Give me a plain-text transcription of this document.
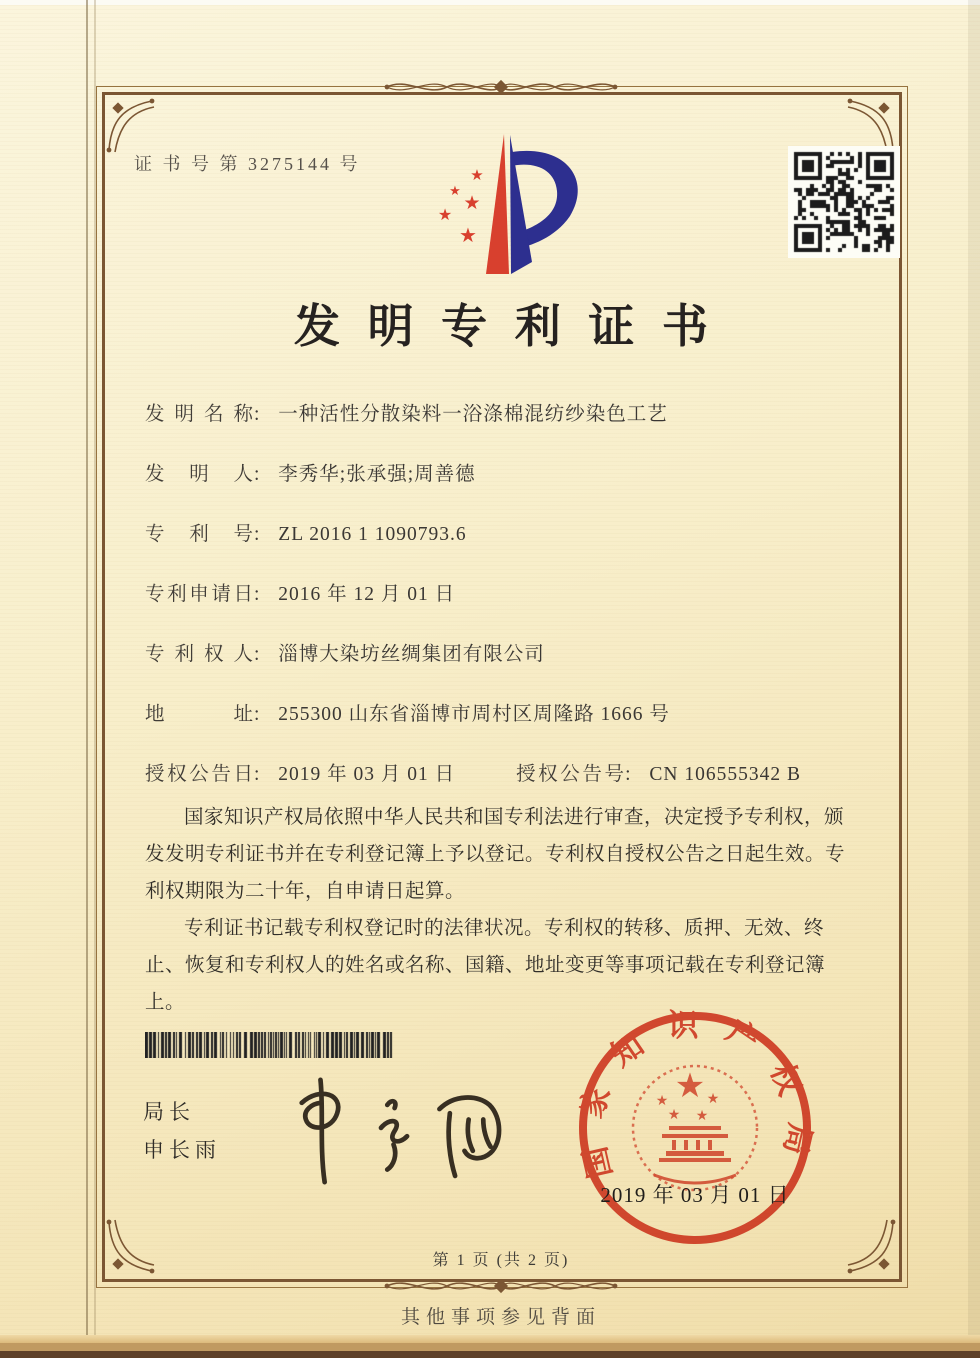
证 书 号 第 3275144 号
★
★
★
★
★
发明专利证书
发明名称: 一种活性分散染料一浴涤棉混纺纱染色工艺
发明人: 李秀华;张承强;周善德
专利号: ZL 2016 1 1090793.6
专利申请日: 2016 年 12 月 01 日
专利权人: 淄博大染坊丝绸集团有限公司
地址: 255300 山东省淄博市周村区周隆路 1666 号
授权公告日: 2019 年 03 月 01 日	授权公告号: CN 106555342 B

国家知识产权局依照中华人民共和国专利法进行审查，决定授予专利权，颁发发明专利证书并在专利登记簿上予以登记。专利权自授权公告之日起生效。专利权期限为二十年，自申请日起算。

专利证书记载专利权登记时的法律状况。专利权的转移、质押、无效、终止、恢复和专利权人的姓名或名称、国籍、地址变更等事项记载在专利登记簿上。

局长
申长雨	国家知识产权局
★
★	★
★ ★
2019 年 03 月 01 日
第 1 页 (共 2 页)
其他事项参见背面
